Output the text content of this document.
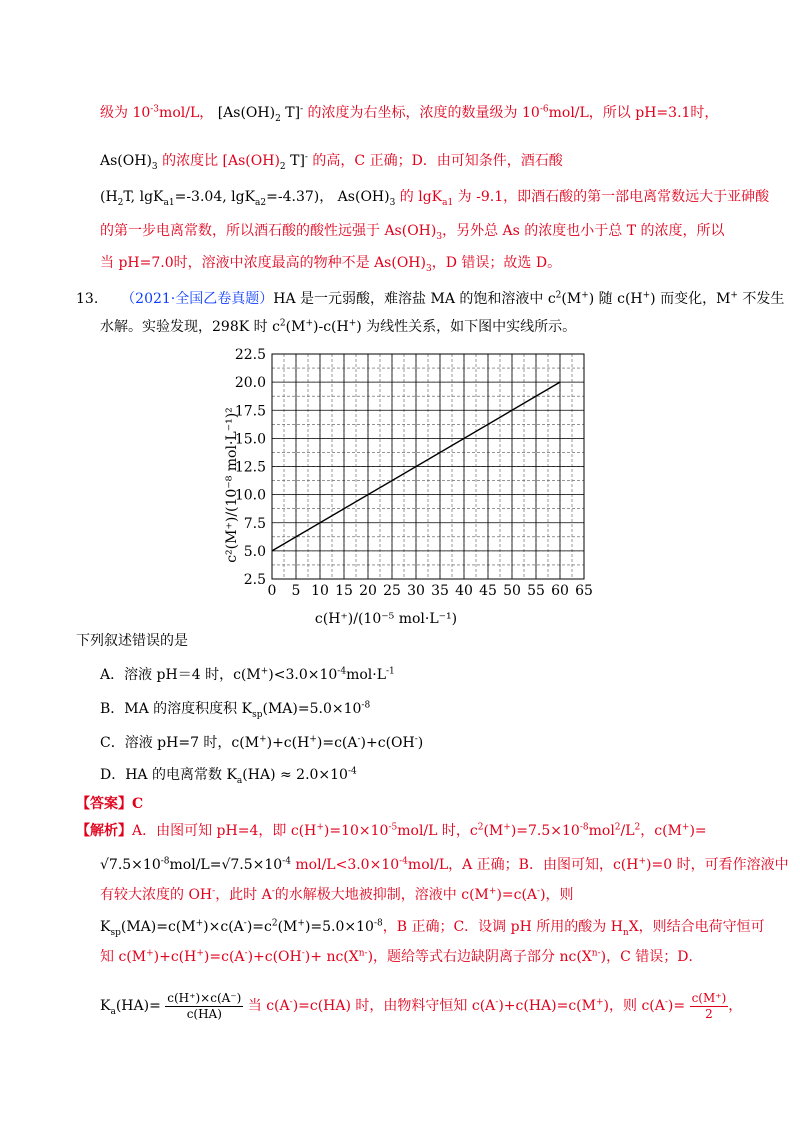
级为 $10^{-3}mol/L$， [$As(OH)_2$ T]- 的浓度为右坐标，浓度的数量级为 $10^{-6}mol/L$，所以 pH=3.1时，
$As(OH)_3$ 的浓度比 [$As(OH)_2$ T]- 的高，C 正确；D．由可知条件，酒石酸
($H_2T$, lgK$_{a1}$=-3.04, lgK$_{a2}$=-4.37)， $As(OH)_3$ 的 lgK$_{a1}$ 为 -9.1，即酒石酸的第一部电离常数远大于亚砷酸
的第一步电离常数，所以酒石酸的酸性远强于 $As(OH)_3$，另外总 As 的浓度也小于总 T 的浓度，所以
当 pH=7.0时，溶液中浓度最高的物种不是 $As(OH)_3$，D 错误；故选 D。
13. （2021·全国乙卷真题）HA 是一元弱酸，难溶盐 MA 的饱和溶液中 $c^2(M^+)$ 随 c(H+) 而变化，M+ 不发生
水解。实验发现，298K 时 $c^2(M^+)-c(H^+)$ 为线性关系，如下图中实线所示。
0 5 10 15 20 25 30 35 40 45 50 55 60 65
2.5
5.0
7.5
10.0
12.5
15.0
17.5
20.0
22.5
c(H⁺)/(10⁻⁵ mol·L⁻¹)
c²(M⁺)/(10⁻⁸ mol·L⁻¹)²
下列叙述错误的是
A．溶液 pH＝4 时，$c(M^+)<3.0\times 10^{-4}mol\cdot L^{-1}$
B．MA 的溶度积度积 $K_{sp}(MA)=5.0\times 10^{-8}$
C．溶液 pH=7 时，c(M+)+c(H+)=c(A-)+c(OH-)
D．HA 的电离常数 $K_a(HA) \approx 2.0\times 10^{-4}$
【答案】C
【解析】A．由图可知 pH=4，即 $c(H^+)=10\times 10^{-5}mol/L$ 时，$c^2(M^+)=7.5\times 10^{-8}mol^2/L^2$，c(M+)=
$√7.5\times 10^{-8}mol/L=√7.5\times 10^{-4}$ mol/$L<3.0\times 10^{-4}mol/L$，A 正确；B．由图可知，c(H+)=0 时，可看作溶液中
有较大浓度的 OH-，此时 A-的水解极大地被抑制，溶液中 c(M+)=c(A-)，则
$K_{sp}(MA)=c(M^+)\times c(A^-)=c^2(M^+)=5.0\times 10^{-8}$，B 正确；C．设调 pH 所用的酸为 $H_nX$，则结合电荷守恒可
知 $c(M^+)+c(H^+)=c(A^-)+c(OH^-)+ nc(X^{n-})$，题给等式右边缺阴离子部分 $nc(X^{n-})$，C 错误；D．
$K_a(HA)= \frac{c(H^+)\times c(A^-)}{c(HA)}$ 当 c(A-)=c(HA) 时，由物料守恒知 c(A-)+c(HA)=c(M+)，则 $c(A^-)= \frac{c(M^+)}{2}$ ，
